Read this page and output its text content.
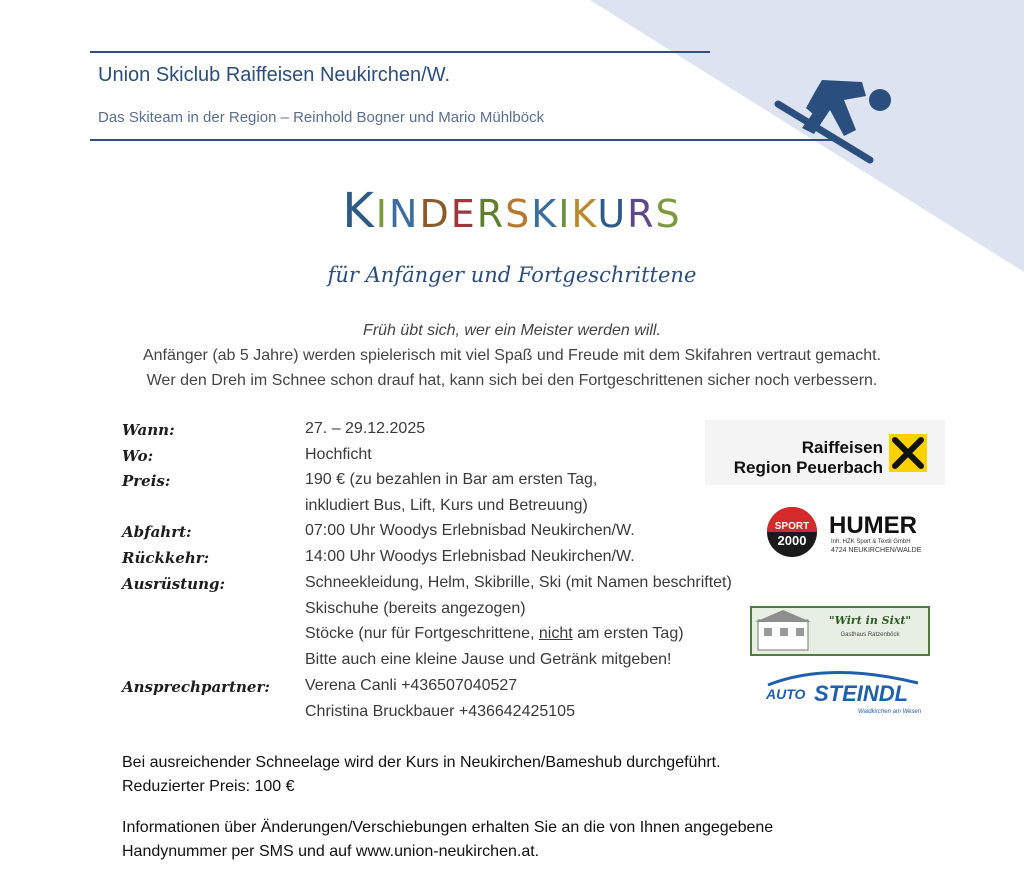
Union Skiclub Raiffeisen Neukirchen/W.
Das Skiteam in der Region – Reinhold Bogner und Mario Mühlböck
KINDERSKIKURS
für Anfänger und Fortgeschrittene
Früh übt sich, wer ein Meister werden will.
Anfänger (ab 5 Jahre) werden spielerisch mit viel Spaß und Freude mit dem Skifahren vertraut gemacht.
Wer den Dreh im Schnee schon drauf hat, kann sich bei den Fortgeschrittenen sicher noch verbessern.
Wann:	27. – 29.12.2025
Wo:	Hochficht
Preis:	190 € (zu bezahlen in Bar am ersten Tag,
inkludiert Bus, Lift, Kurs und Betreuung)
Abfahrt:	07:00 Uhr Woodys Erlebnisbad Neukirchen/W.
Rückkehr:	14:00 Uhr Woodys Erlebnisbad Neukirchen/W.
Ausrüstung:	Schneekleidung, Helm, Skibrille, Ski (mit Namen beschriftet)
Skischuhe (bereits angezogen)
Stöcke (nur für Fortgeschrittene, nicht am ersten Tag)
Bitte auch eine kleine Jause und Getränk mitgeben!
Ansprechpartner: Verena Canli +436507040527
Christina Bruckbauer +436642425105
Bei ausreichender Schneelage wird der Kurs in Neukirchen/Bameshub durchgeführt.
Reduzierter Preis: 100 €
Informationen über Änderungen/Verschiebungen erhalten Sie an die von Ihnen angegebene
Handynummer per SMS und auf www.union-neukirchen.at.
Raiffeisen
Region Peuerbach
SPORT
2000
HUMER
Inh. HZK Sport & Textil GmbH
4724 NEUKIRCHEN/WALDE
"Wirt in Sixt"
Gasthaus Ratzenböck
AUTO STEINDL
Waldkirchen am Wesen
